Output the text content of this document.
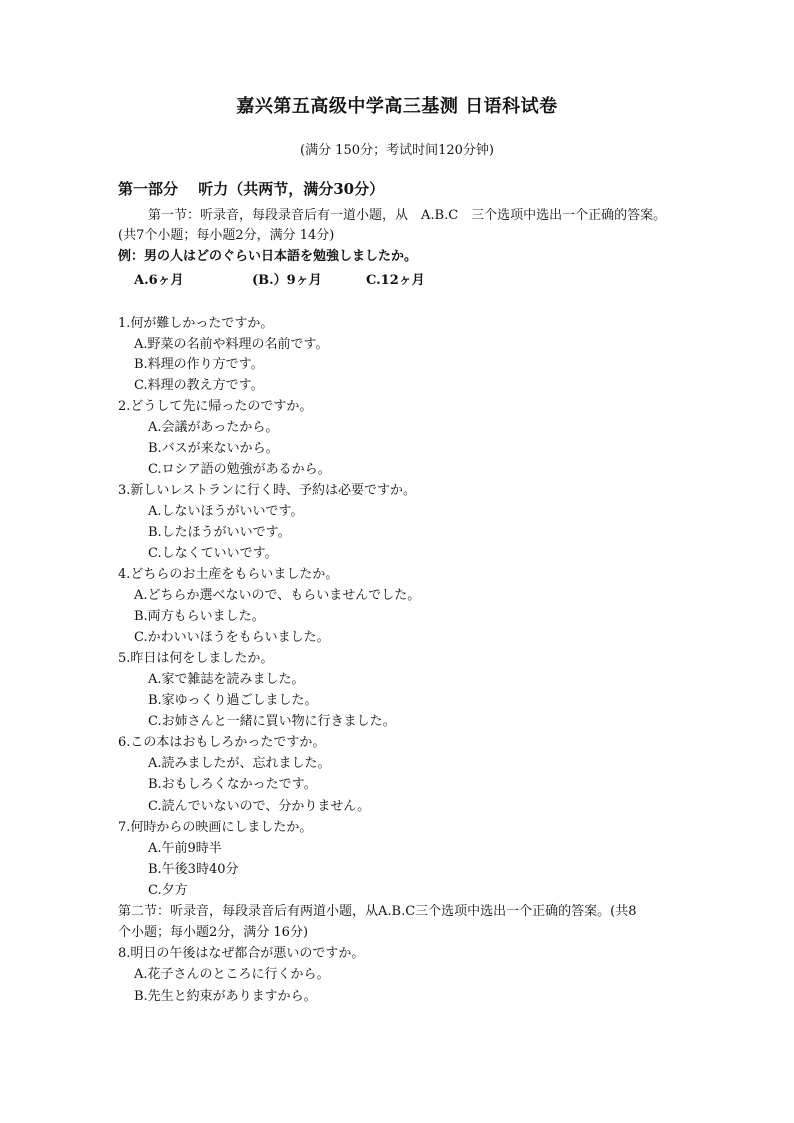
嘉兴第五高级中学高三基测 日语科试卷
(满分 150分；考试时间120分钟)
第一部分　 听力（共两节，满分30分）
第一节：听录音，每段录音后有一道小题，从　A.B.C　三个选项中选出一个正确的答案。
(共7个小题；每小题2分，满分 14分)
例：男の人はどのぐらい日本語を勉強しましたか。
A.6ヶ月	(B.）9ヶ月	C.12ヶ月
1.何が難しかったですか。
A.野菜の名前や料理の名前です。
B.料理の作り方です。
C.料理の教え方です。
2.どうして先に帰ったのですか。
A.会議があったから。
B.バスが来ないから。
C.ロシア語の勉強があるから。
3.新しいレストランに行く時、予約は必要ですか。
A.しないほうがいいです。
B.したほうがいいです。
C.しなくていいです。
4.どちらのお土産をもらいましたか。
A.どちらか選べないので、もらいませんでした。
B.両方もらいました。
C.かわいいほうをもらいました。
5.昨日は何をしましたか。
A.家で雑誌を読みました。
B.家ゆっくり過ごしました。
C.お姉さんと一緒に買い物に行きました。
6.この本はおもしろかったですか。
A.読みましたが、忘れました。
B.おもしろくなかったです。
C.読んでいないので、分かりません。
7.何時からの映画にしましたか。
A.午前9時半
B.午後3時40分
C.夕方
第二节：听录音，每段录音后有两道小题，从A.B.C三个选项中选出一个正确的答案。(共8
个小题；每小题2分，满分 16分)
8.明日の午後はなぜ都合が悪いのですか。
A.花子さんのところに行くから。
B.先生と約束がありますから。
